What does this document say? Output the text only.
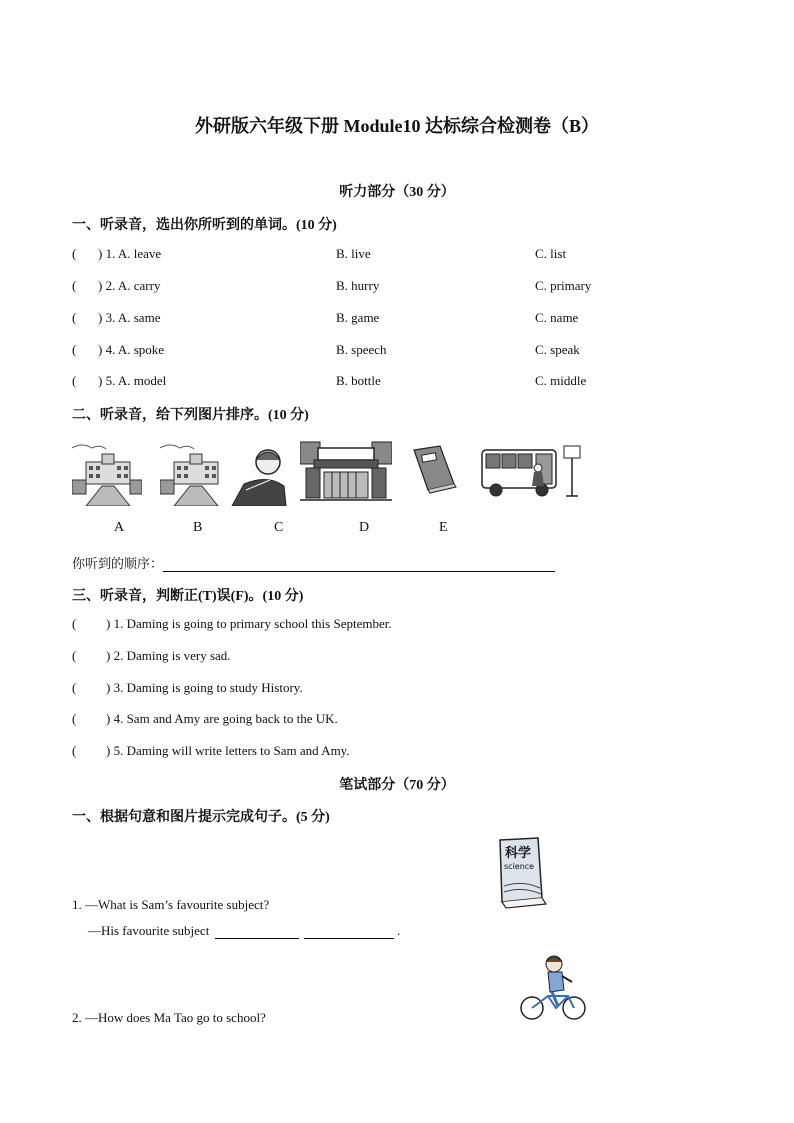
外研版六年级下册 Module10 达标综合检测卷（B）
听力部分（30 分）
一、听录音，选出你所听到的单词。(10 分)
( ) 1. A. leave	B. live	C. list
( ) 2. A. carry	B. hurry	C. primary
( ) 3. A. same	B. game	C. name
( ) 4. A. spoke	B. speech	C. speak
( ) 5. A. model	B. bottle	C. middle
二、听录音，给下列图片排序。(10 分)
A	B	C	D	E
你听到的顺序：
三、听录音，判断正(T)误(F)。(10 分)
( ) 1. Daming is going to primary school this September.
( ) 2. Daming is very sad.
( ) 3. Daming is going to study History.
( ) 4. Sam and Amy are going back to the UK.
( ) 5. Daming will write letters to Sam and Amy.
笔试部分（70 分）
一、根据句意和图片提示完成句子。(5 分)
科学
science
1. —What is Sam’s favourite subject?
—His favourite subject	.
2. —How does Ma Tao go to school?
